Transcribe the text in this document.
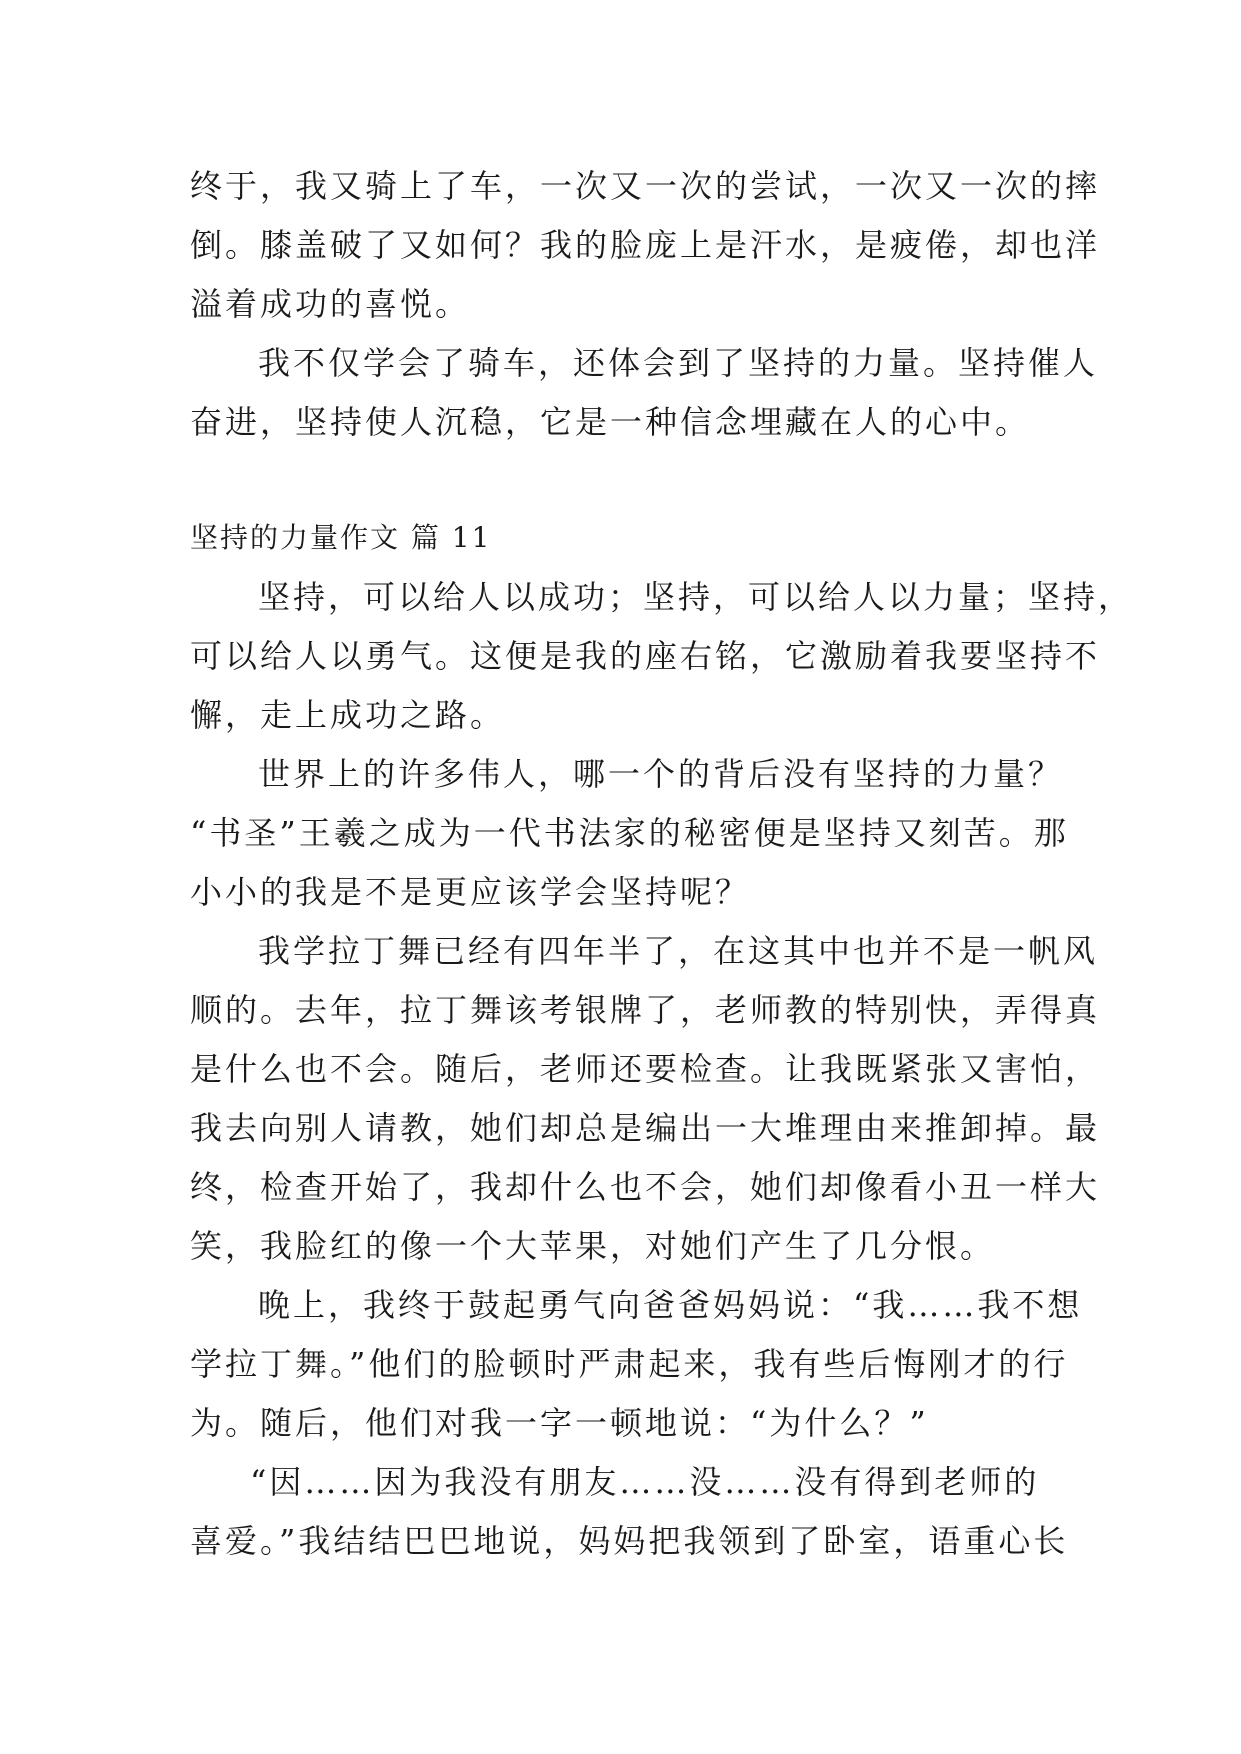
终于，我又骑上了车，一次又一次的尝试，一次又一次的摔
倒。膝盖破了又如何？我的脸庞上是汗水，是疲倦，却也洋
溢着成功的喜悦。
我不仅学会了骑车，还体会到了坚持的力量。坚持催人
奋进，坚持使人沉稳，它是一种信念埋藏在人的心中。
坚持的力量作文 篇 11
坚持，可以给人以成功；坚持，可以给人以力量；坚持，
可以给人以勇气。这便是我的座右铭，它激励着我要坚持不
懈，走上成功之路。
世界上的许多伟人，哪一个的背后没有坚持的力量？
“书圣”王羲之成为一代书法家的秘密便是坚持又刻苦。那
小小的我是不是更应该学会坚持呢？
我学拉丁舞已经有四年半了，在这其中也并不是一帆风
顺的。去年，拉丁舞该考银牌了，老师教的特别快，弄得真
是什么也不会。随后，老师还要检查。让我既紧张又害怕，
我去向别人请教，她们却总是编出一大堆理由来推卸掉。最
终，检查开始了，我却什么也不会，她们却像看小丑一样大
笑，我脸红的像一个大苹果，对她们产生了几分恨。
晚上，我终于鼓起勇气向爸爸妈妈说：“我……我不想
学拉丁舞。”他们的脸顿时严肃起来，我有些后悔刚才的行
为。随后，他们对我一字一顿地说：“为什么？”
“因……因为我没有朋友……没……没有得到老师的
喜爱。”我结结巴巴地说，妈妈把我领到了卧室，语重心长
